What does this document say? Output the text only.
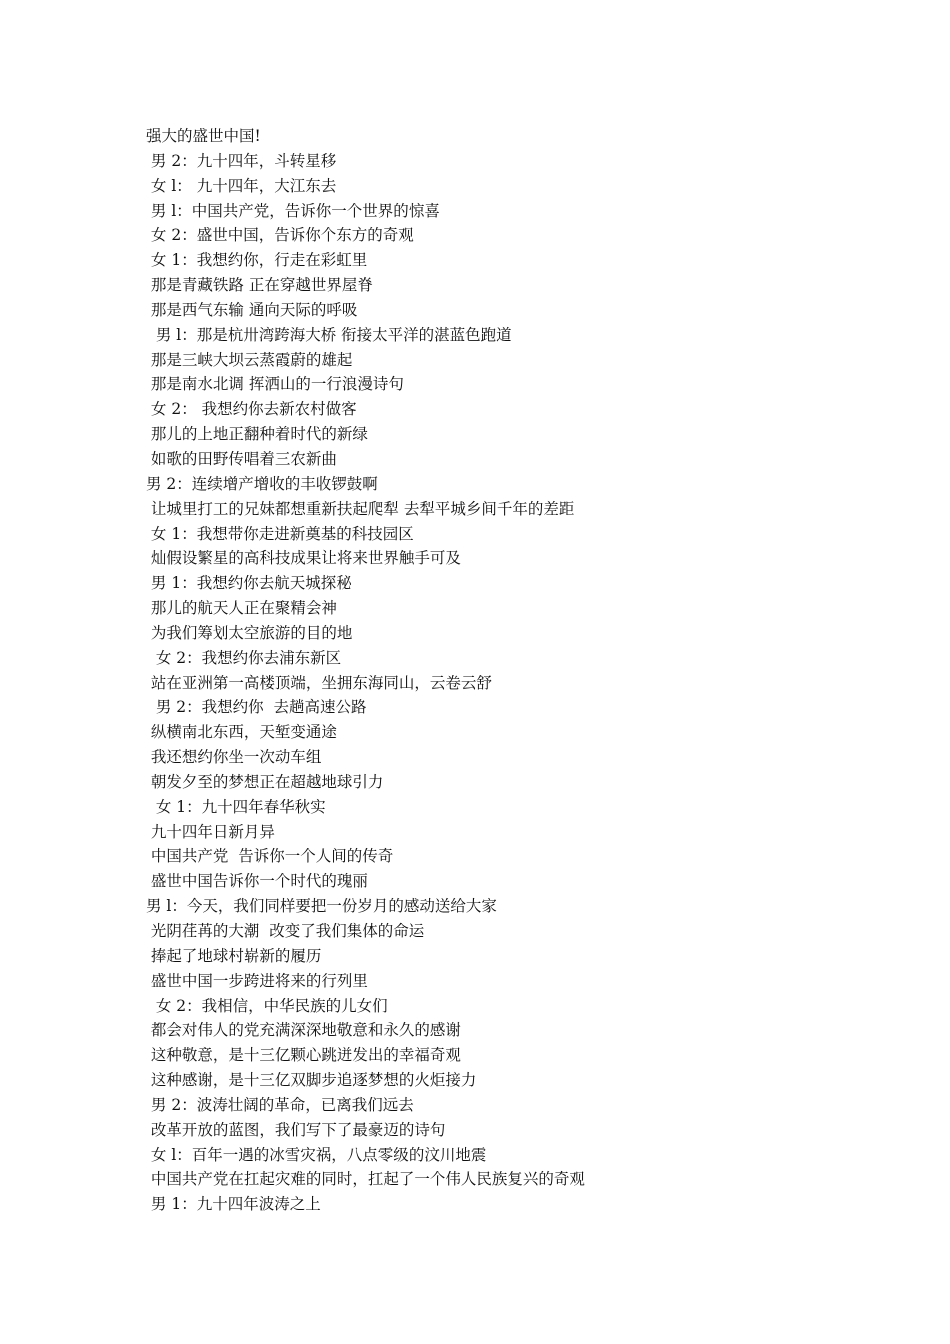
强大的盛世中国!
男 2：九十四年，斗转星移
女 l： 九十四年，大江东去
男 l：中国共产党，告诉你一个世界的惊喜
女 2：盛世中国，告诉你个东方的奇观
女 1：我想约你，行走在彩虹里
那是青藏铁路 正在穿越世界屋脊
那是西气东输 通向天际的呼吸
男 l：那是杭卅湾跨海大桥 衔接太平洋的湛蓝色跑道
那是三峡大坝云蒸霞蔚的雄起
那是南水北调 挥洒山的一行浪漫诗句
女 2： 我想约你去新农村做客
那儿的上地正翻种着时代的新绿
如歌的田野传唱着三农新曲
男 2：连续增产增收的丰收锣鼓啊
让城里打工的兄妹都想重新扶起爬犁 去犁平城乡间千年的差距
女 1：我想带你走进新奠基的科技园区
灿假设繁星的高科技成果让将来世界触手可及
男 1：我想约你去航天城探秘
那儿的航天人正在聚精会神
为我们筹划太空旅游的目的地
女 2：我想约你去浦东新区
站在亚洲第一高楼顶端，坐拥东海同山，云卷云舒
男 2：我想约你  去趟高速公路
纵横南北东西，天堑变通途
我还想约你坐一次动车组
朝发夕至的梦想正在超越地球引力
女 1：九十四年春华秋实
九十四年日新月异
中国共产党  告诉你一个人间的传奇
盛世中国告诉你一个时代的瑰丽
男 l：今天，我们同样要把一份岁月的感动送给大家
光阴荏苒的大潮  改变了我们集体的命运
捧起了地球村崭新的履历
盛世中国一步跨进将来的行列里
女 2：我相信，中华民族的儿女们
都会对伟人的党充满深深地敬意和永久的感谢
这种敬意，是十三亿颗心跳迸发出的幸福奇观
这种感谢，是十三亿双脚步追逐梦想的火炬接力
男 2：波涛壮阔的革命，已离我们远去
改革开放的蓝图，我们写下了最豪迈的诗句
女 l：百年一遇的冰雪灾祸，八点零级的汶川地震
中国共产党在扛起灾难的同时，扛起了一个伟人民族复兴的奇观
男 1：九十四年波涛之上
